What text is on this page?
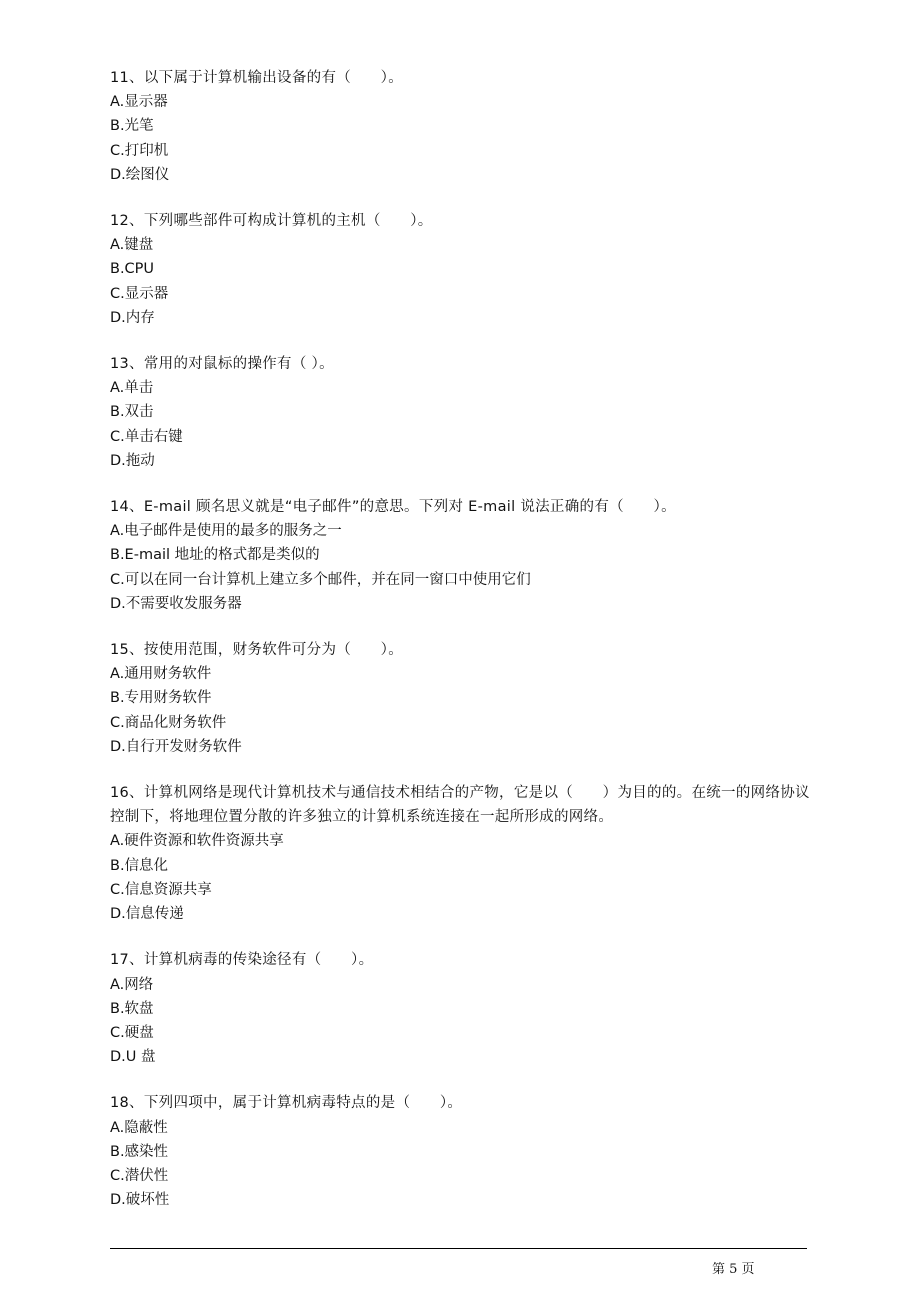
11、以下属于计算机输出设备的有（　　）。
A.显示器
B.光笔
C.打印机
D.绘图仪
12、下列哪些部件可构成计算机的主机（　　）。
A.键盘
B.CPU
C.显示器
D.内存
13、常用的对鼠标的操作有（ ）。
A.单击
B.双击
C.单击右键
D.拖动
14、E-mail 顾名思义就是“电子邮件”的意思。下列对 E-mail 说法正确的有（　　）。
A.电子邮件是使用的最多的服务之一
B.E-mail 地址的格式都是类似的
C.可以在同一台计算机上建立多个邮件，并在同一窗口中使用它们
D.不需要收发服务器
15、按使用范围，财务软件可分为（　　）。
A.通用财务软件
B.专用财务软件
C.商品化财务软件
D.自行开发财务软件
16、计算机网络是现代计算机技术与通信技术相结合的产物，它是以（　　）为目的的。在统一的网络协议控制下，将地理位置分散的许多独立的计算机系统连接在一起所形成的网络。
A.硬件资源和软件资源共享
B.信息化
C.信息资源共享
D.信息传递
17、计算机病毒的传染途径有（　　）。
A.网络
B.软盘
C.硬盘
D.U 盘
18、下列四项中，属于计算机病毒特点的是（　　）。
A.隐蔽性
B.感染性
C.潜伏性
D.破坏性
第 5 页
